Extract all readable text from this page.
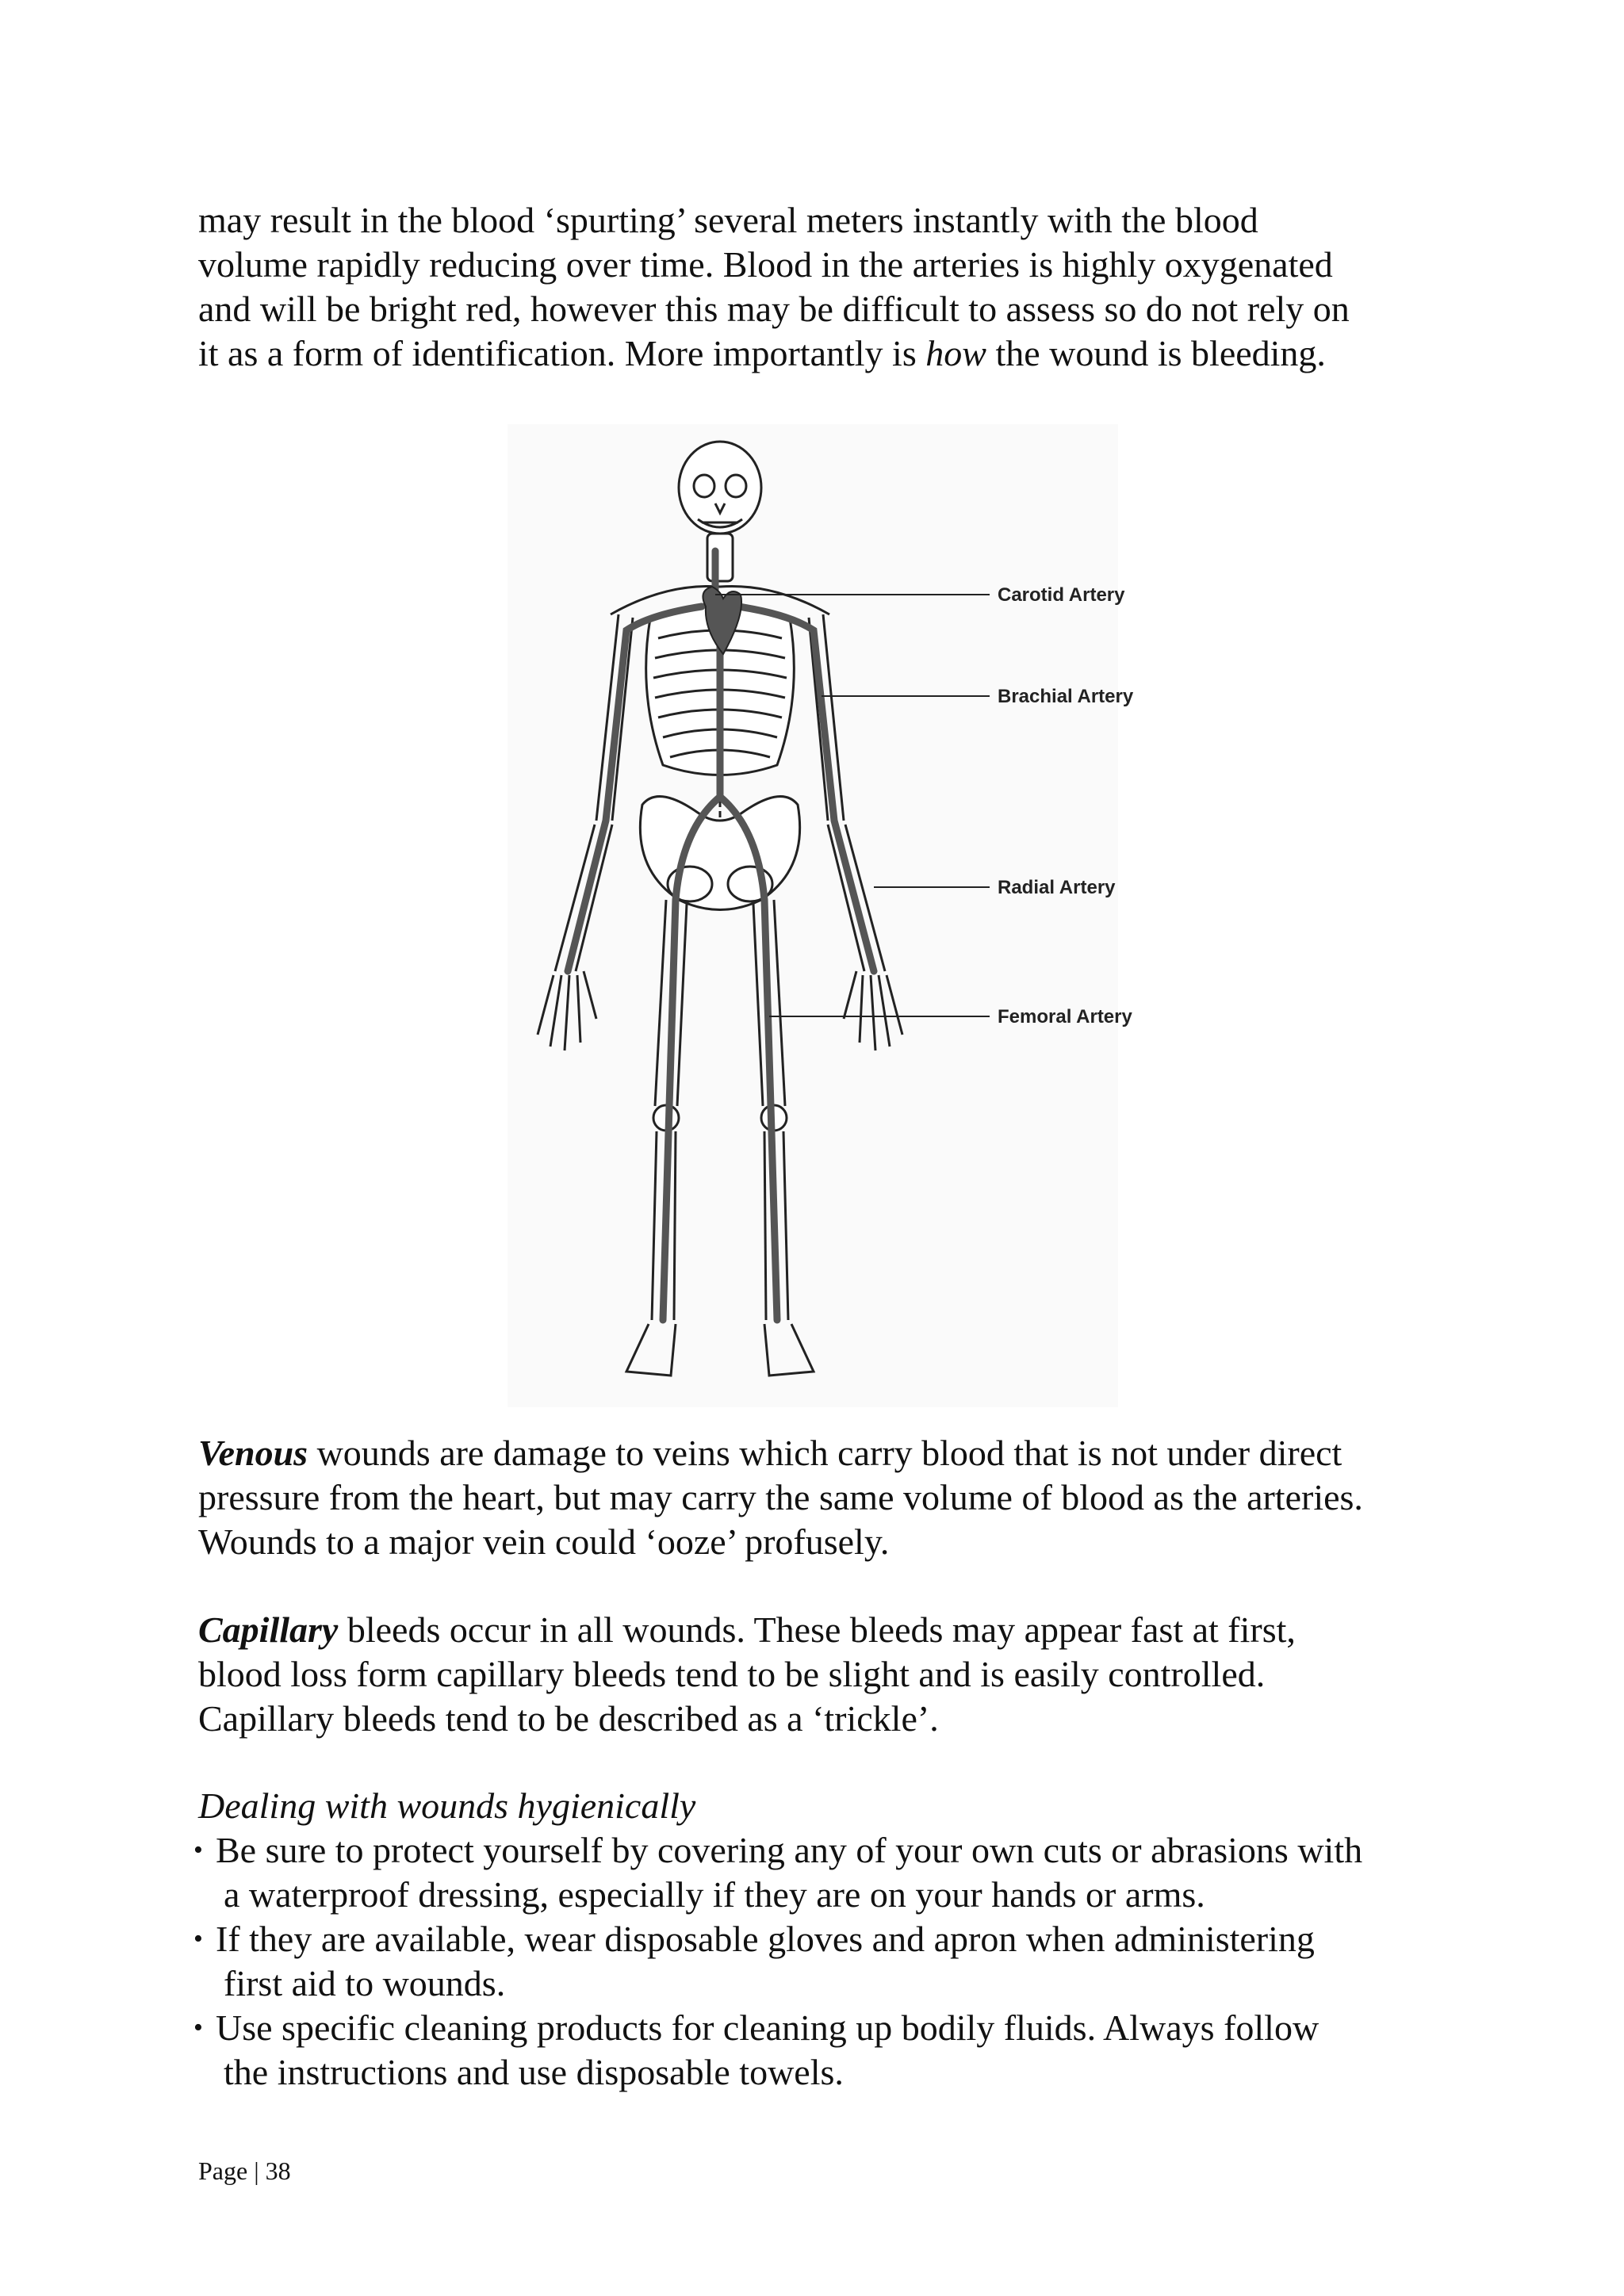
may result in the blood ‘spurting’ several meters instantly with the blood
volume rapidly reducing over time. Blood in the arteries is highly oxygenated
and will be bright red, however this may be difficult to assess so do not rely on
it as a form of identification. More importantly is how the wound is bleeding.
Carotid Artery
Brachial Artery
Radial Artery
Femoral Artery
Venous wounds are damage to veins which carry blood that is not under direct
pressure from the heart, but may carry the same volume of blood as the arteries.
Wounds to a major vein could ‘ooze’ profusely.
Capillary bleeds occur in all wounds. These bleeds may appear fast at first,
blood loss form capillary bleeds tend to be slight and is easily controlled.
Capillary bleeds tend to be described as a ‘trickle’.

Dealing with wounds hygienically

• Be sure to protect yourself by covering any of your own cuts or abrasions with
a waterproof dressing, especially if they are on your hands or arms.
• If they are available, wear disposable gloves and apron when administering
first aid to wounds.
• Use specific cleaning products for cleaning up bodily fluids. Always follow
the instructions and use disposable towels.
Page | 38
